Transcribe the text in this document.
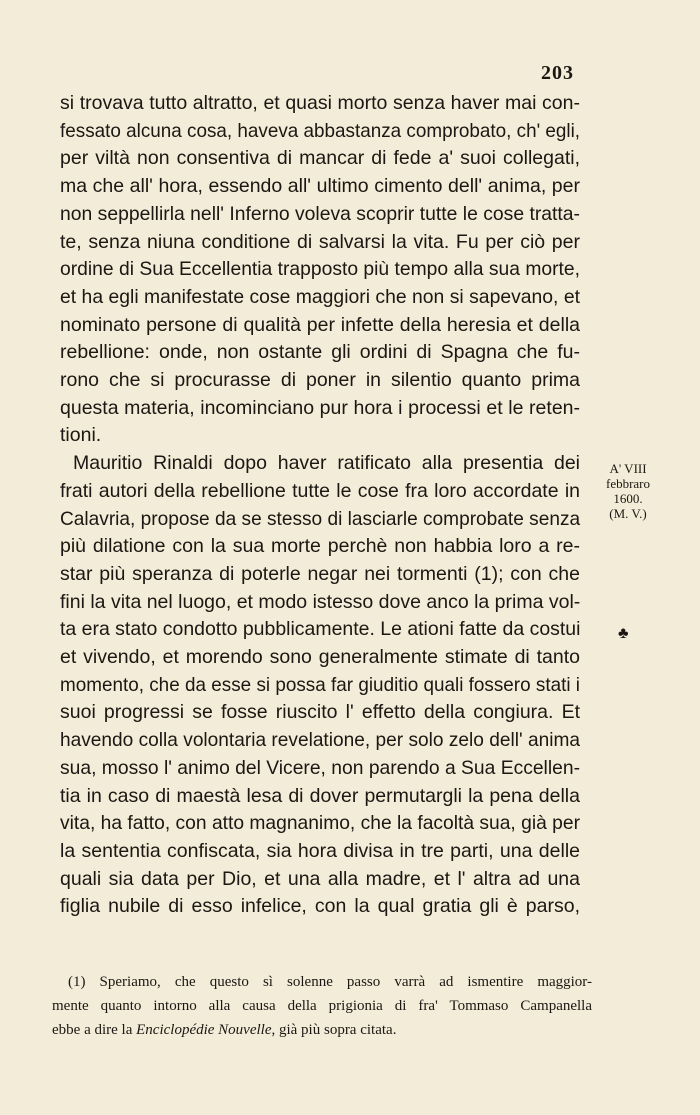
203
si trovava tutto altratto, et quasi morto senza haver mai con-
fessato alcuna cosa, haveva abbastanza comprobato, ch' egli,
per viltà non consentiva di mancar di fede a' suoi collegati,
ma che all' hora, essendo all' ultimo cimento dell' anima, per
non seppellirla nell' Inferno voleva scoprir tutte le cose tratta-
te, senza niuna conditione di salvarsi la vita. Fu per ciò per
ordine di Sua Eccellentia trapposto più tempo alla sua morte,
et ha egli manifestate cose maggiori che non si sapevano, et
nominato persone di qualità per infette della heresia et della
rebellione: onde, non ostante gli ordini di Spagna che fu-
rono che si procurasse di poner in silentio quanto prima
questa materia, incominciano pur hora i processi et le reten-
tioni.
Mauritio Rinaldi dopo haver ratificato alla presentia dei
frati autori della rebellione tutte le cose fra loro accordate in
Calavria, propose da se stesso di lasciarle comprobate senza
più dilatione con la sua morte perchè non habbia loro a re-
star più speranza di poterle negar nei tormenti (1); con che
fini la vita nel luogo, et modo istesso dove anco la prima vol-
ta era stato condotto pubblicamente. Le ationi fatte da costui
et vivendo, et morendo sono generalmente stimate di tanto
momento, che da esse si possa far giuditio quali fossero stati i
suoi progressi se fosse riuscito l' effetto della congiura. Et
havendo colla volontaria revelatione, per solo zelo dell' anima
sua, mosso l' animo del Vicere, non parendo a Sua Eccellen-
tia in caso di maestà lesa di dover permutargli la pena della
vita, ha fatto, con atto magnanimo, che la facoltà sua, già per
la sententia confiscata, sia hora divisa in tre parti, una delle
quali sia data per Dio, et una alla madre, et l' altra ad una
figlia nubile di esso infelice, con la qual gratia gli è parso,
A' VIII
febbraro
1600.
(M. V.)
♣
(1) Speriamo, che questo sì solenne passo varrà ad ismentire maggior-
mente quanto intorno alla causa della prigionia di fra' Tommaso Campanella
ebbe a dire la Enciclopédie Nouvelle, già più sopra citata.
